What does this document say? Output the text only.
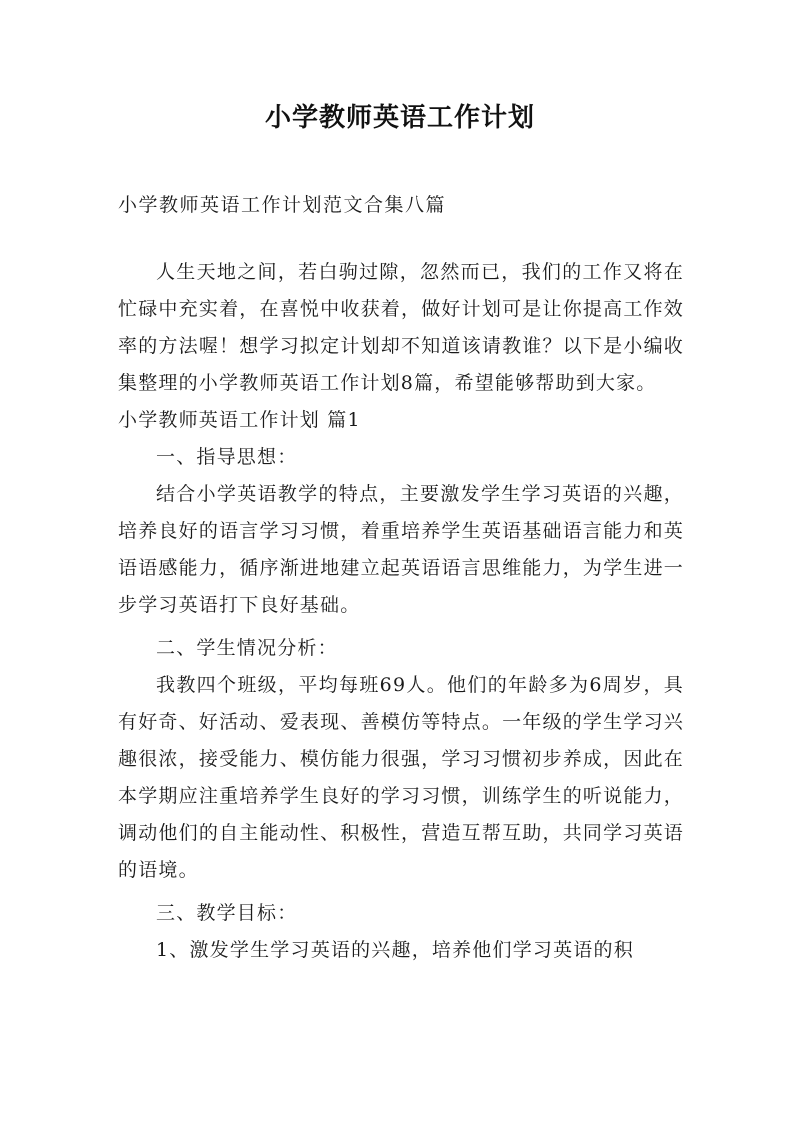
小学教师英语工作计划
小学教师英语工作计划范文合集八篇

人生天地之间，若白驹过隙，忽然而已，我们的工作又将在忙碌中充实着，在喜悦中收获着，做好计划可是让你提高工作效率的方法喔！想学习拟定计划却不知道该请教谁？以下是小编收集整理的小学教师英语工作计划8篇，希望能够帮助到大家。

小学教师英语工作计划 篇1

一、指导思想：

结合小学英语教学的特点，主要激发学生学习英语的兴趣，培养良好的语言学习习惯，着重培养学生英语基础语言能力和英语语感能力，循序渐进地建立起英语语言思维能力，为学生进一步学习英语打下良好基础。

二、学生情况分析：

我教四个班级，平均每班69人。他们的年龄多为6周岁，具有好奇、好活动、爱表现、善模仿等特点。一年级的学生学习兴趣很浓，接受能力、模仿能力很强，学习习惯初步养成，因此在本学期应注重培养学生良好的学习习惯，训练学生的听说能力，调动他们的自主能动性、积极性，营造互帮互助，共同学习英语的语境。

三、教学目标：

1、激发学生学习英语的兴趣，培养他们学习英语的积
